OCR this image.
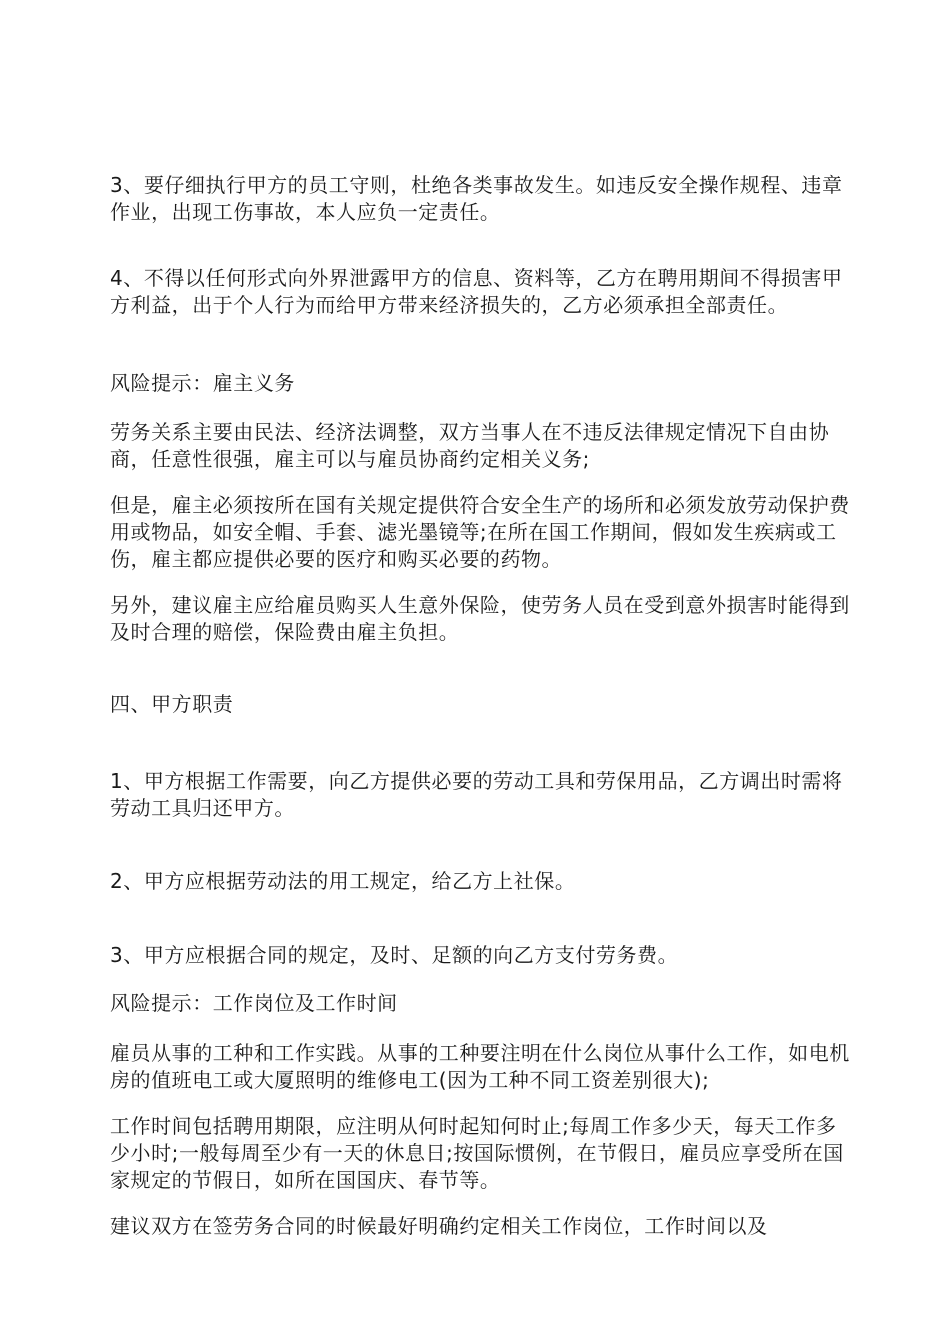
3、要仔细执行甲方的员工守则，杜绝各类事故发生。如违反安全操作规程、违章作业，出现工伤事故，本人应负一定责任。

4、不得以任何形式向外界泄露甲方的信息、资料等，乙方在聘用期间不得损害甲方利益，出于个人行为而给甲方带来经济损失的，乙方必须承担全部责任。

风险提示：雇主义务

劳务关系主要由民法、经济法调整，双方当事人在不违反法律规定情况下自由协商，任意性很强，雇主可以与雇员协商约定相关义务;

但是，雇主必须按所在国有关规定提供符合安全生产的场所和必须发放劳动保护费用或物品，如安全帽、手套、滤光墨镜等;在所在国工作期间，假如发生疾病或工伤，雇主都应提供必要的医疗和购买必要的药物。

另外，建议雇主应给雇员购买人生意外保险，使劳务人员在受到意外损害时能得到及时合理的赔偿，保险费由雇主负担。

四、甲方职责

1、甲方根据工作需要，向乙方提供必要的劳动工具和劳保用品，乙方调出时需将劳动工具归还甲方。

2、甲方应根据劳动法的用工规定，给乙方上社保。

3、甲方应根据合同的规定，及时、足额的向乙方支付劳务费。

风险提示：工作岗位及工作时间

雇员从事的工种和工作实践。从事的工种要注明在什么岗位从事什么工作，如电机房的值班电工或大厦照明的维修电工(因为工种不同工资差别很大);

工作时间包括聘用期限，应注明从何时起知何时止;每周工作多少天，每天工作多少小时;一般每周至少有一天的休息日;按国际惯例，在节假日，雇员应享受所在国家规定的节假日，如所在国国庆、春节等。

建议双方在签劳务合同的时候最好明确约定相关工作岗位，工作时间以及
